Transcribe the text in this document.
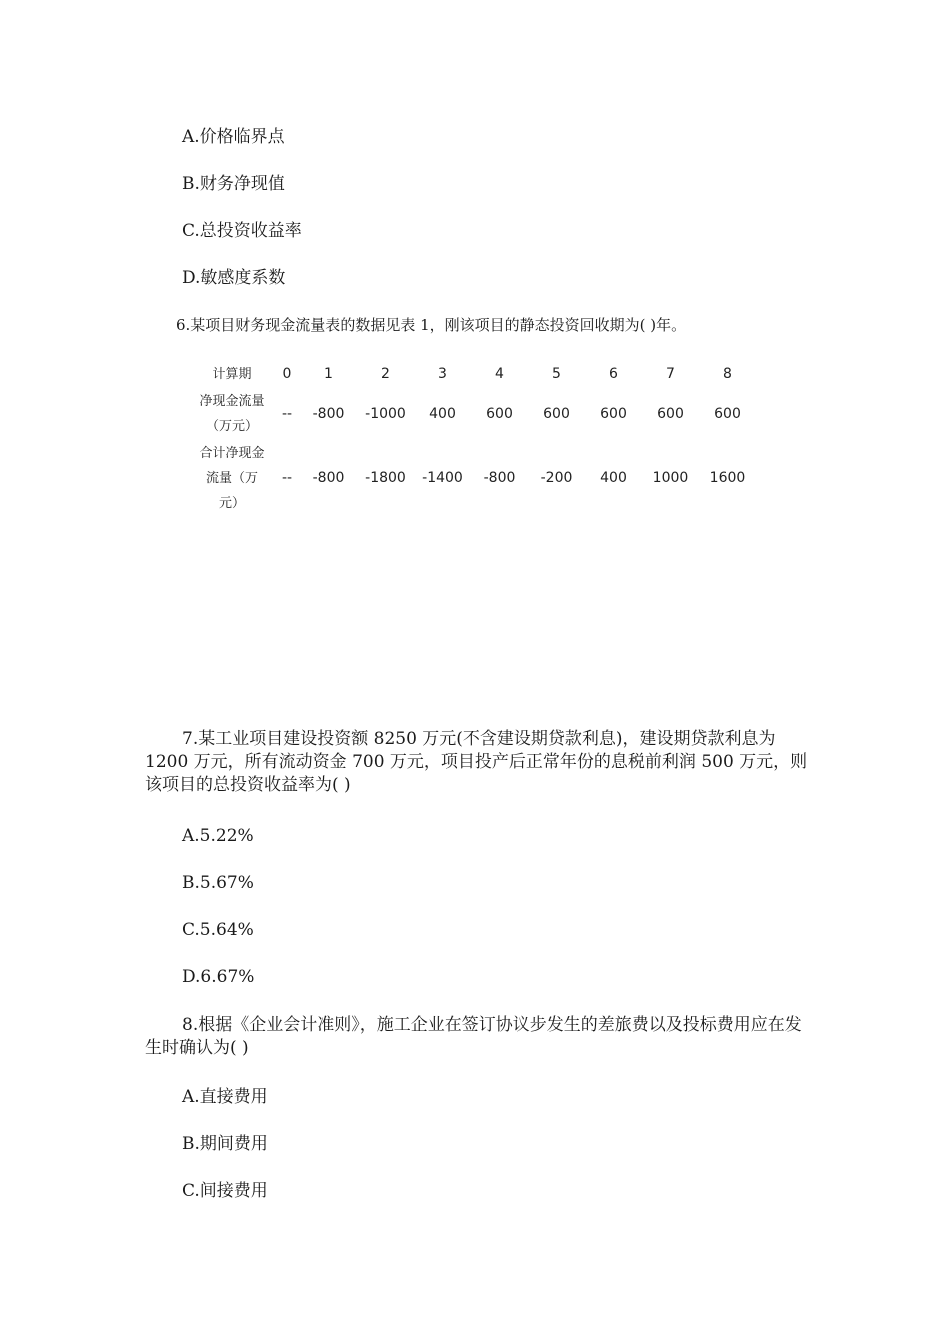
A.价格临界点
B.财务净现值
C.总投资收益率
D.敏感度系数
6.某项目财务现金流量表的数据见表 1，刚该项目的静态投资回收期为( )年。
计算期	0	1	2	3	4	5	6	7	8

净现金流量
（万元）	--	-800	-1000	400	600	600	600	600	600

合计净现金
流量（万
元）	--	-800	-1800	-1400	-800	-200	400	1000	1600
7.某工业项目建设投资额 8250 万元(不含建设期贷款利息)，建设期贷款利息为 1200 万元，所有流动资金 700 万元，项目投产后正常年份的息税前利润 500 万元，则该项目的总投资收益率为( )
A.5.22%
B.5.67%
C.5.64%
D.6.67%
8.根据《企业会计准则》，施工企业在签订协议步发生的差旅费以及投标费用应在发生时确认为( )
A.直接费用
B.期间费用
C.间接费用
